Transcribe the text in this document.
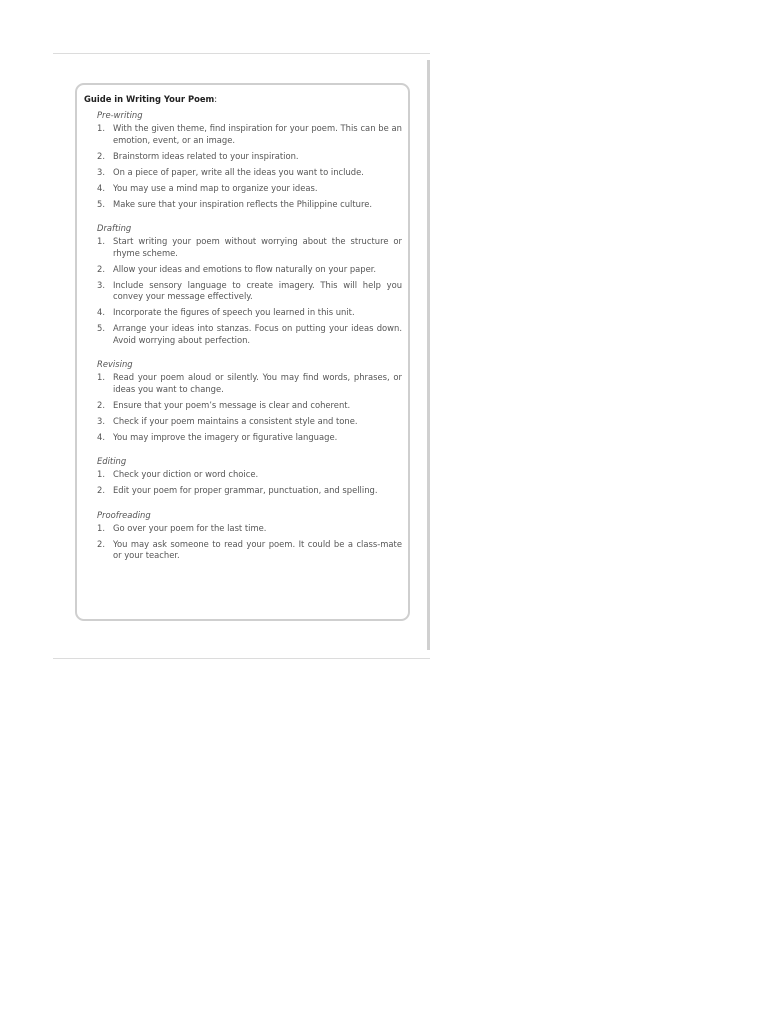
Guide in Writing Your Poem:
Pre-writing
1. With the given theme, find inspiration for your poem. This can be an emotion, event, or an image.
2. Brainstorm ideas related to your inspiration.
3. On a piece of paper, write all the ideas you want to include.
4. You may use a mind map to organize your ideas.
5. Make sure that your inspiration reflects the Philippine culture.
Drafting
1. Start writing your poem without worrying about the structure or rhyme scheme.
2. Allow your ideas and emotions to flow naturally on your paper.
3. Include sensory language to create imagery. This will help you convey your message effectively.
4. Incorporate the figures of speech you learned in this unit.
5. Arrange your ideas into stanzas. Focus on putting your ideas down. Avoid worrying about perfection.
Revising
1. Read your poem aloud or silently. You may find words, phrases, or ideas you want to change.
2. Ensure that your poem’s message is clear and coherent.
3. Check if your poem maintains a consistent style and tone.
4. You may improve the imagery or figurative language.
Editing
1. Check your diction or word choice.
2. Edit your poem for proper grammar, punctuation, and spelling.
Proofreading
1. Go over your poem for the last time.
2. You may ask someone to read your poem. It could be a class-mate or your teacher.
